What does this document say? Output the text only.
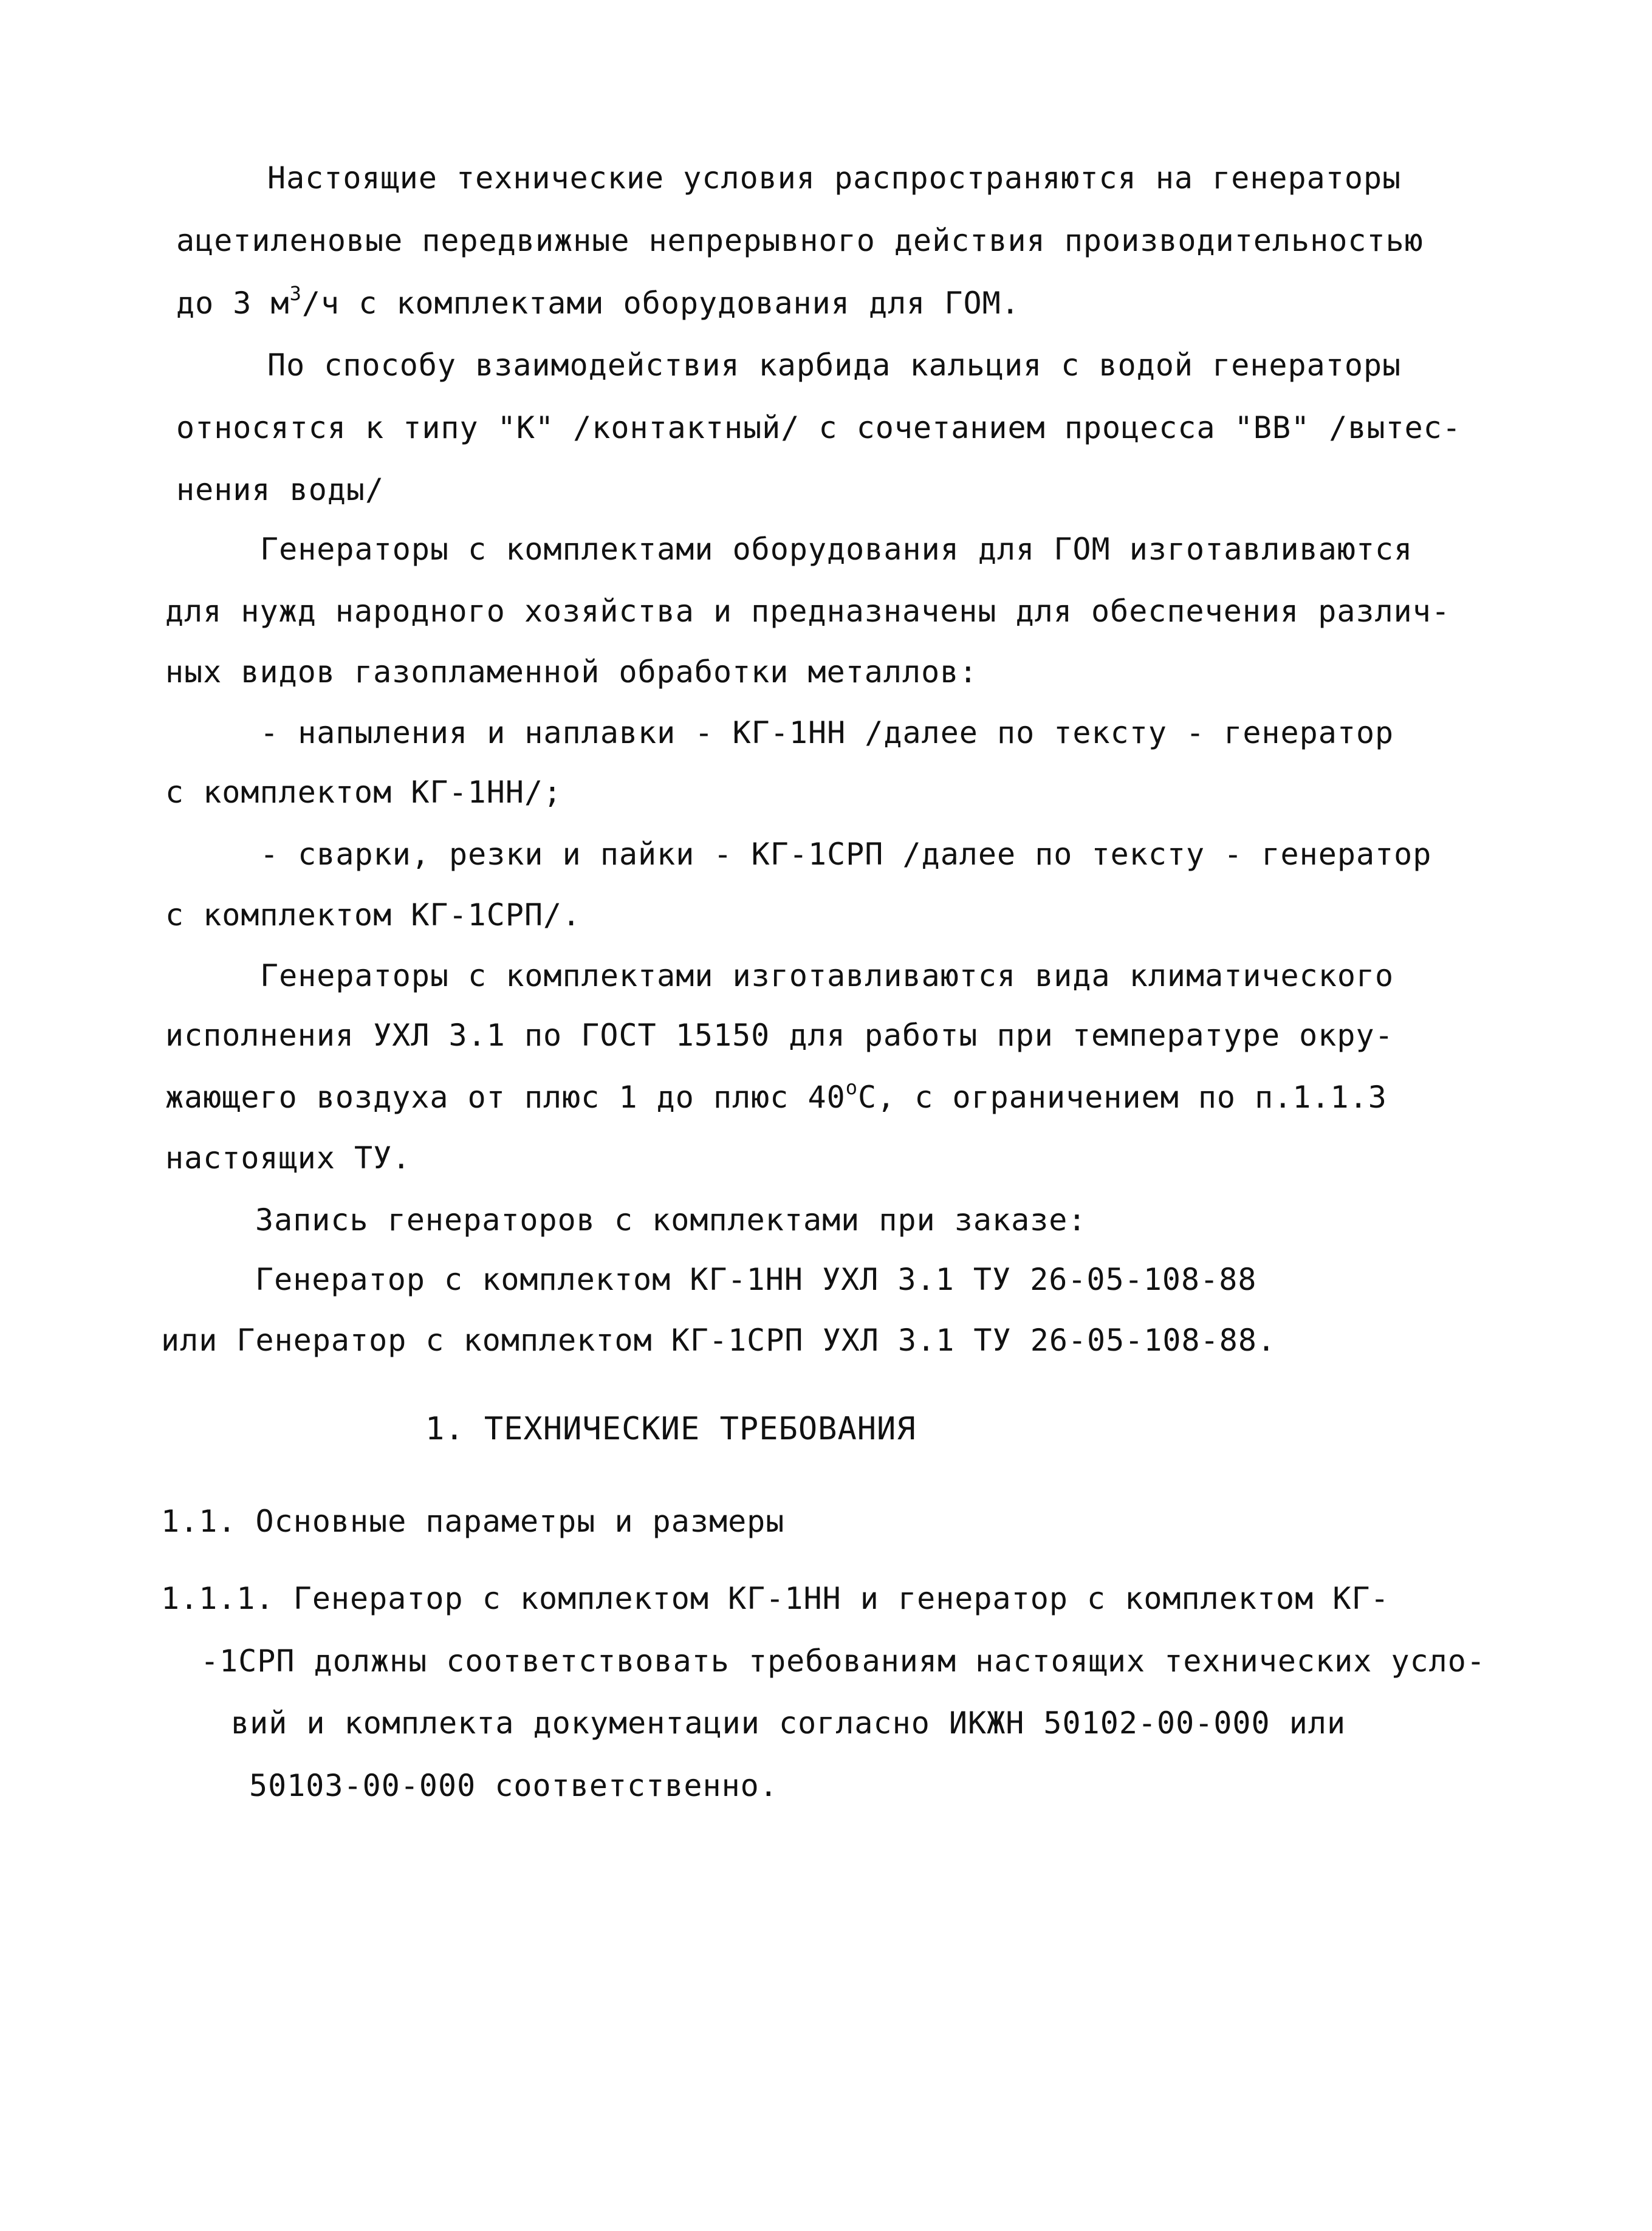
Настоящие технические условия распространяются на генераторы
ацетиленовые передвижные непрерывного действия производительностью
до 3 $м^3/ч$ с комплектами оборудования для ГОМ.
По способу взаимодействия карбида кальция с водой генераторы
относятся к типу "К" /контактный/ с сочетанием процесса "ВВ" /вытес-
нения воды/
Генераторы с комплектами оборудования для ГОМ изготавливаются
для нужд народного хозяйства и предназначены для обеспечения различ-
ных видов газопламенной обработки металлов:
- напыления и наплавки - КГ-1НН /далее по тексту - генератор
с комплектом КГ-1НН/;
- сварки, резки и пайки - КГ-1СРП /далее по тексту - генератор
с комплектом КГ-1СРП/.
Генераторы с комплектами изготавливаются вида климатического
исполнения УХЛ 3.1 по ГОСТ 15150 для работы при температуре окру-
жающего воздуха от плюс 1 до плюс $40^оС$, с ограничением по п.1.1.3
настоящих ТУ.
Запись генераторов с комплектами при заказе:
Генератор с комплектом КГ-1НН УХЛ 3.1 ТУ 26-05-108-88
или Генератор с комплектом КГ-1СРП УХЛ 3.1 ТУ 26-05-108-88.
1. ТЕХНИЧЕСКИЕ ТРЕБОВАНИЯ
1.1. Основные параметры и размеры
1.1.1. Генератор с комплектом КГ-1НН и генератор с комплектом КГ-
-1СРП должны соответствовать требованиям настоящих технических усло-
вий и комплекта документации согласно ИКЖН 50102-00-000 или
50103-00-000 соответственно.
